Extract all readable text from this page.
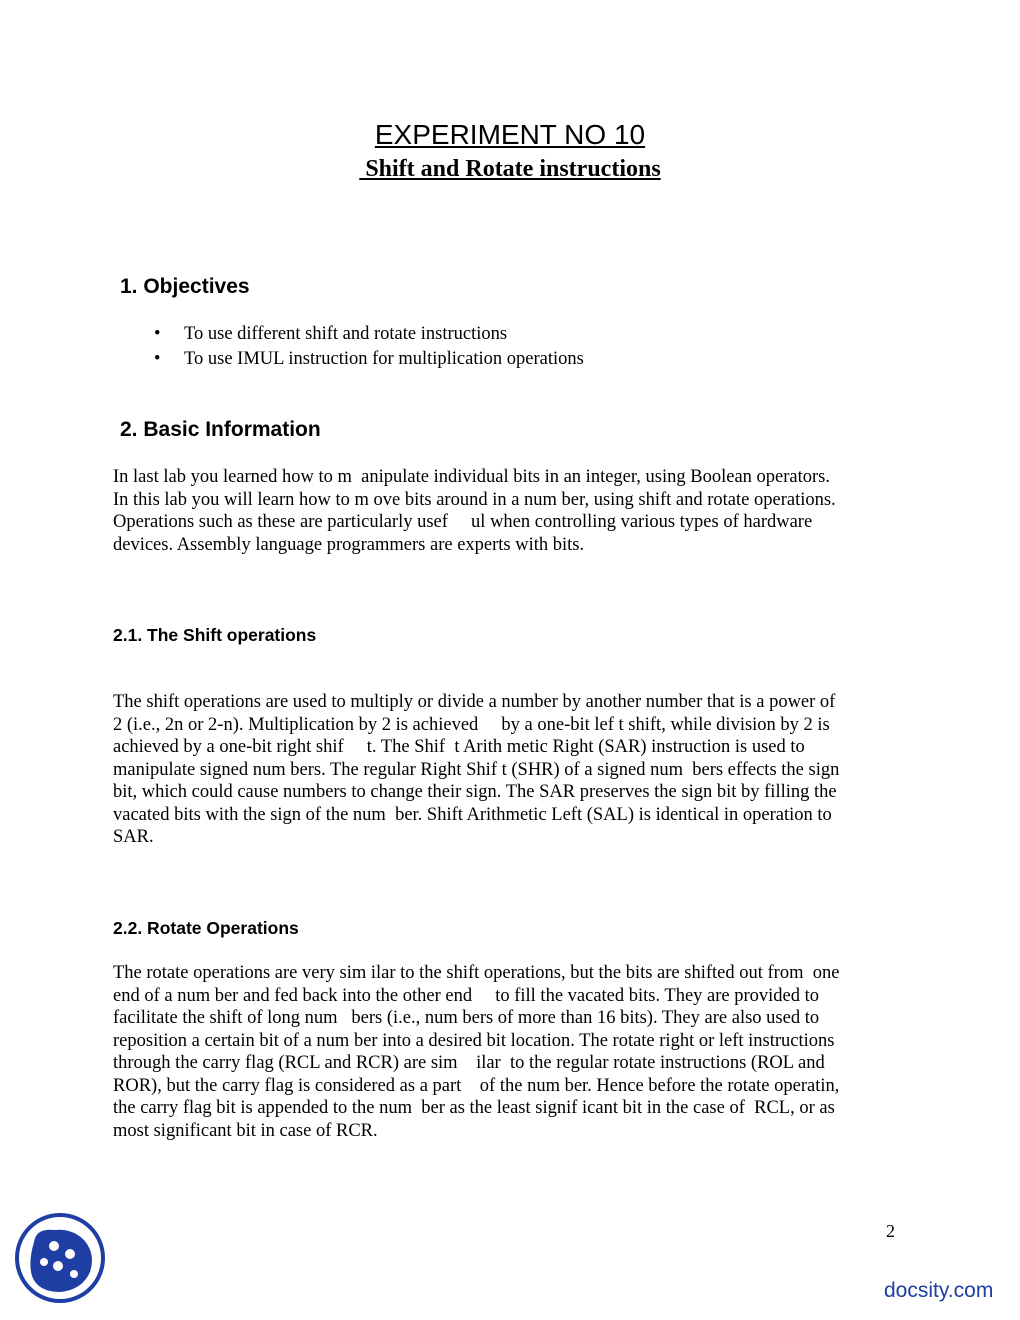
EXPERIMENT NO 10
Shift and Rotate instructions
1. Objectives
• To use different shift and rotate instructions
• To use IMUL instruction for multiplication operations
2. Basic Information
In last lab you learned how to m  anipulate individual bits in an integer, using Boolean operators.
In this lab you will learn how to m ove bits around in a num ber, using shift and rotate operations.
Operations such as these are particularly usef     ul when controlling various types of hardware
devices. Assembly language programmers are experts with bits.
2.1. The Shift operations
The shift operations are used to multiply or divide a number by another number that is a power of
2 (i.e., 2n or 2-n). Multiplication by 2 is achieved     by a one-bit lef t shift, while division by 2 is
achieved by a one-bit right shif     t. The Shif  t Arith metic Right (SAR) instruction is used to
manipulate signed num bers. The regular Right Shif t (SHR) of a signed num  bers effects the sign
bit, which could cause numbers to change their sign. The SAR preserves the sign bit by filling the
vacated bits with the sign of the num  ber. Shift Arithmetic Left (SAL) is identical in operation to
SAR.
2.2. Rotate Operations
The rotate operations are very sim ilar to the shift operations, but the bits are shifted out from  one
end of a num ber and fed back into the other end     to fill the vacated bits. They are provided to
facilitate the shift of long num   bers (i.e., num bers of more than 16 bits). They are also used to
reposition a certain bit of a num ber into a desired bit location. The rotate right or left instructions
through the carry flag (RCL and RCR) are sim    ilar  to the regular rotate instructions (ROL and
ROR), but the carry flag is considered as a part    of the num ber. Hence before the rotate operatin,
the carry flag bit is appended to the num  ber as the least signif icant bit in the case of  RCL, or as
most significant bit in case of RCR.
2
docsity.com
